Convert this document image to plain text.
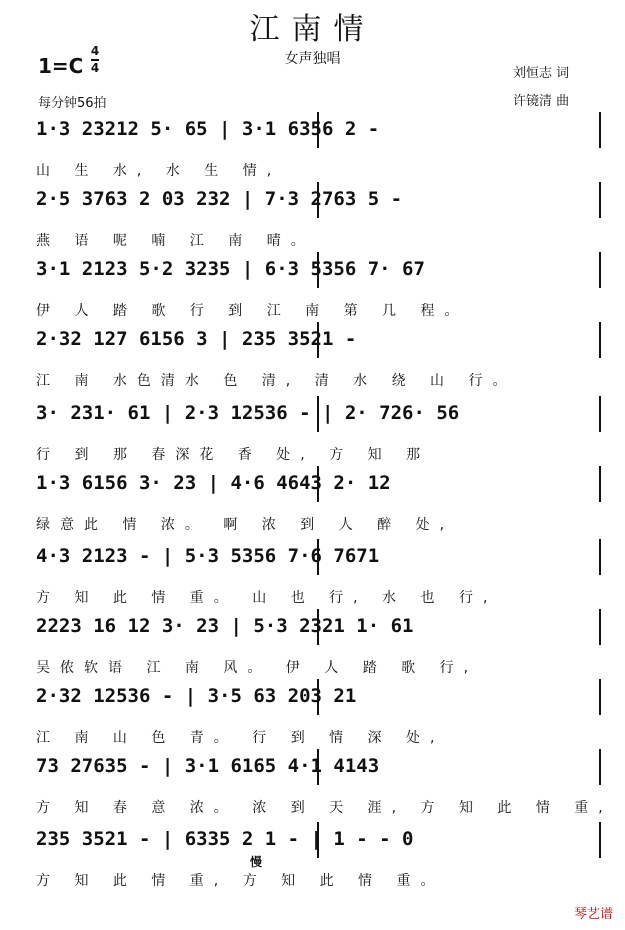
江南情
1=C
4
4
女声独唱
刘恒志 词
许镜清 曲
每分钟56拍
1·3 23212 5· 65 | 3·1 6356 2 -
山 生 水, 水 生 情,
2·5 3763 2 03 232 | 7·3 2763 5 -
燕 语 呢 喃 江 南 晴。
3·1 2123 5·2 3235 | 6·3 5356 7· 67
伊 人 踏 歌 行 到 江 南 第 几 程。
2·32 127 6156 3 | 235 3521 -
江 南 水色清水 色 清, 清 水 绕 山 行。
3· 231· 61 | 2·3 12536 - | 2· 726· 56
行 到 那 春深花 香 处, 方 知 那
1·3 6156 3· 23 | 4·6 4643 2· 12
绿意此 情 浓。 啊 浓 到 人 醉 处,
4·3 2123 - | 5·3 5356 7·6 7671
方 知 此 情 重。 山 也 行, 水 也 行,
2223 16 12 3· 23 | 5·3 2321 1· 61
吴侬软语 江 南 风。 伊 人 踏 歌 行,
2·32 12536 - | 3·5 63 203 21
江 南 山 色 青。 行 到 情 深 处,
73 27635 - | 3·1 6165 4·1 4143
方 知 春 意 浓。 浓 到 天 涯, 方 知 此 情 重,
235 3521 - | 6335 2 1 - | 1 - - 0
方 知 此 情 重, 方 知 此 情 重。
慢
琴艺谱
